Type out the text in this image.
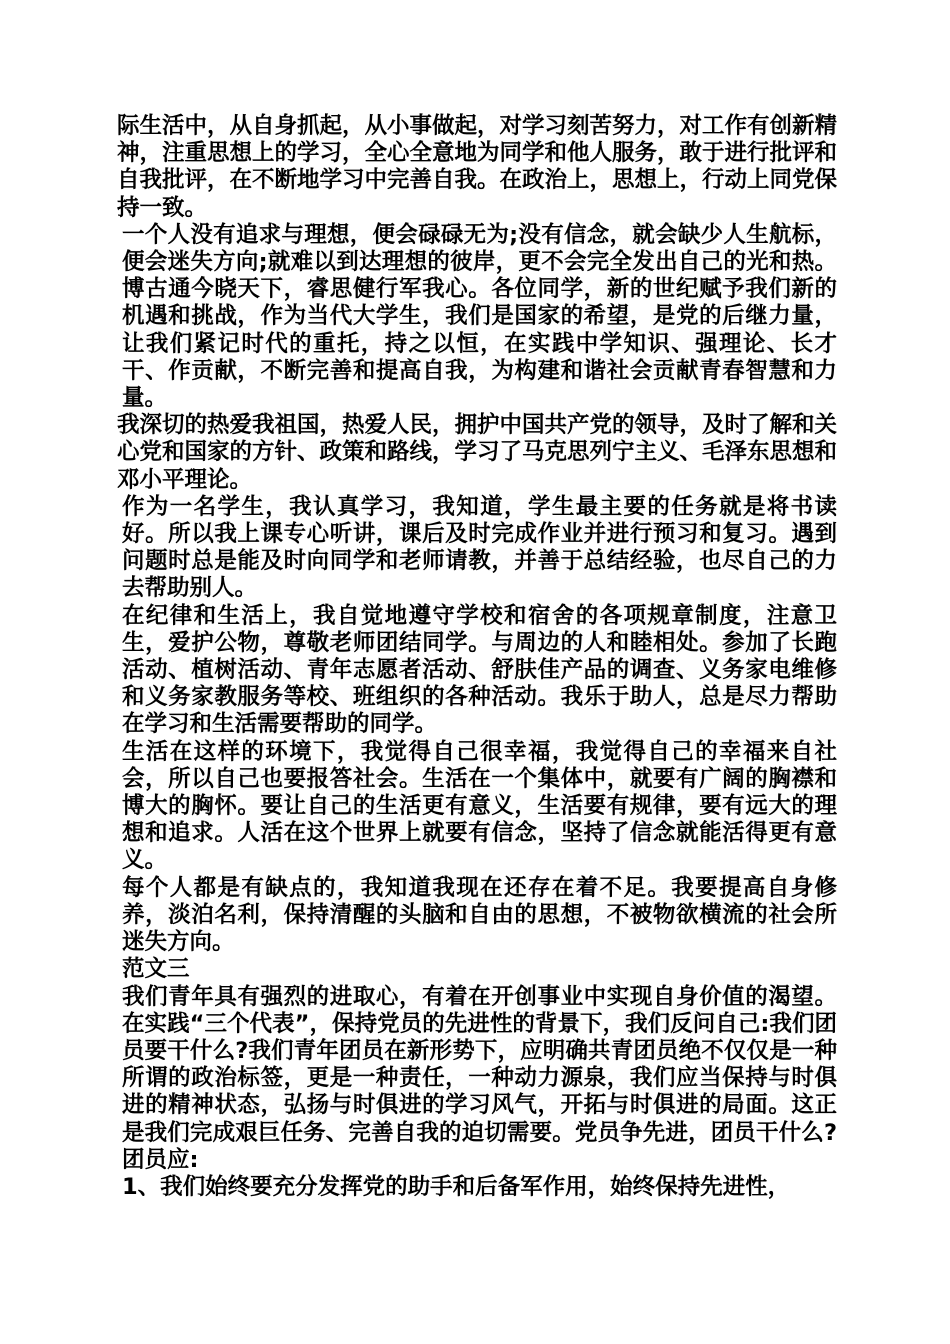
际生活中，从自身抓起，从小事做起，对学习刻苦努力，对工作有创新精神，注重思想上的学习，全心全意地为同学和他人服务，敢于进行批评和自我批评，在不断地学习中完善自我。在政治上，思想上，行动上同党保持一致。

一个人没有追求与理想，便会碌碌无为;没有信念，就会缺少人生航标，便会迷失方向;就难以到达理想的彼岸，更不会完全发出自己的光和热。博古通今晓天下，睿思健行军我心。各位同学，新的世纪赋予我们新的机遇和挑战，作为当代大学生，我们是国家的希望，是党的后继力量，让我们紧记时代的重托，持之以恒，在实践中学知识、强理论、长才干、作贡献，不断完善和提高自我，为构建和谐社会贡献青春智慧和力量。

我深切的热爱我祖国，热爱人民，拥护中国共产党的领导，及时了解和关心党和国家的方针、政策和路线，学习了马克思列宁主义、毛泽东思想和邓小平理论。

作为一名学生，我认真学习，我知道，学生最主要的任务就是将书读好。所以我上课专心听讲，课后及时完成作业并进行预习和复习。遇到问题时总是能及时向同学和老师请教，并善于总结经验，也尽自己的力去帮助别人。

在纪律和生活上，我自觉地遵守学校和宿舍的各项规章制度，注意卫生，爱护公物，尊敬老师团结同学。与周边的人和睦相处。参加了长跑活动、植树活动、青年志愿者活动、舒肤佳产品的调查、义务家电维修和义务家教服务等校、班组织的各种活动。我乐于助人，总是尽力帮助在学习和生活需要帮助的同学。

生活在这样的环境下，我觉得自己很幸福，我觉得自己的幸福来自社会，所以自己也要报答社会。生活在一个集体中，就要有广阔的胸襟和博大的胸怀。要让自己的生活更有意义，生活要有规律，要有远大的理想和追求。人活在这个世界上就要有信念，坚持了信念就能活得更有意义。

每个人都是有缺点的，我知道我现在还存在着不足。我要提高自身修养，淡泊名利，保持清醒的头脑和自由的思想，不被物欲横流的社会所迷失方向。

范文三

我们青年具有强烈的进取心，有着在开创事业中实现自身价值的渴望。在实践“三个代表”，保持党员的先进性的背景下，我们反问自己:我们团员要干什么?我们青年团员在新形势下，应明确共青团员绝不仅仅是一种所谓的政治标签，更是一种责任，一种动力源泉，我们应当保持与时俱进的精神状态，弘扬与时俱进的学习风气，开拓与时俱进的局面。这正是我们完成艰巨任务、完善自我的迫切需要。党员争先进，团员干什么?团员应:

1、我们始终要充分发挥党的助手和后备军作用，始终保持先进性，
